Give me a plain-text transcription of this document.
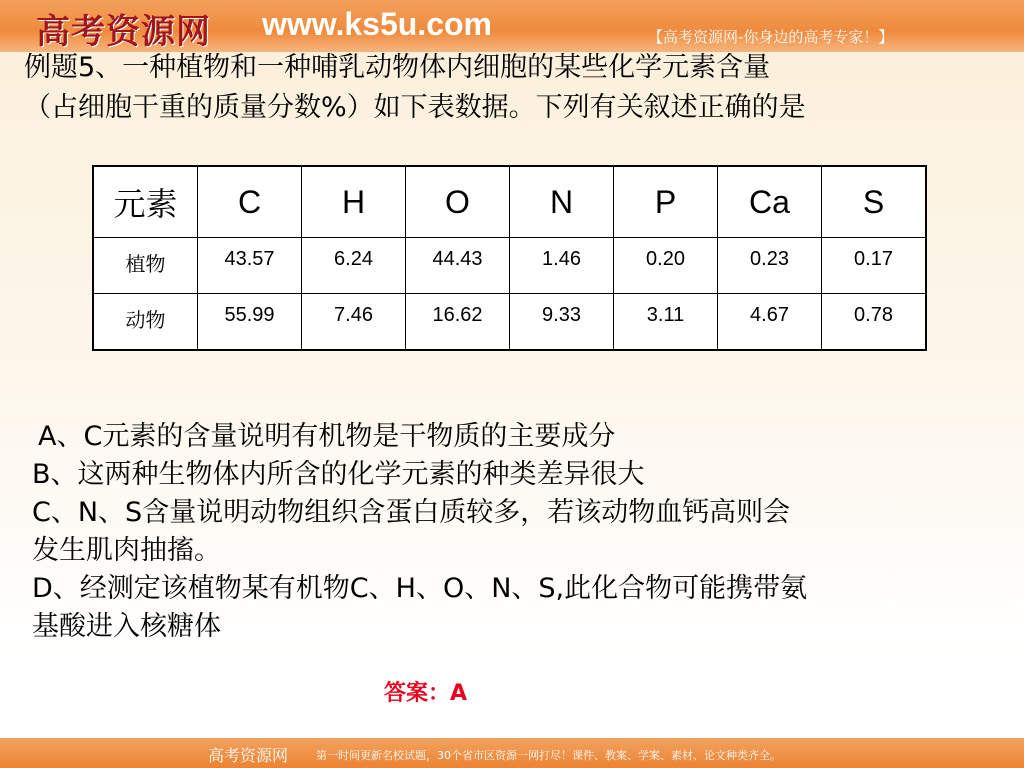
高考资源网 www.ks5u.com	【高考资源网-你身边的高考专家！】
例题5、一种植物和一种哺乳动物体内细胞的某些化学元素含量
（占细胞干重的质量分数%）如下表数据。下列有关叙述正确的是
元素	C	H	O	N	P	Ca	S
植物	43.57	6.24	44.43	1.46	0.20	0.23	0.17
动物	55.99	7.46	16.62	9.33	3.11	4.67	0.78
A、C元素的含量说明有机物是干物质的主要成分
B、这两种生物体内所含的化学元素的种类差异很大
C、N、S含量说明动物组织含蛋白质较多，若该动物血钙高则会
发生肌肉抽搐。
D、经测定该植物某有机物C、H、O、N、S,此化合物可能携带氨
基酸进入核糖体
答案：A
高考资源网	第一时间更新名校试题，30个省市区资源一网打尽！课件、教案、学案、素材、论文种类齐全。
